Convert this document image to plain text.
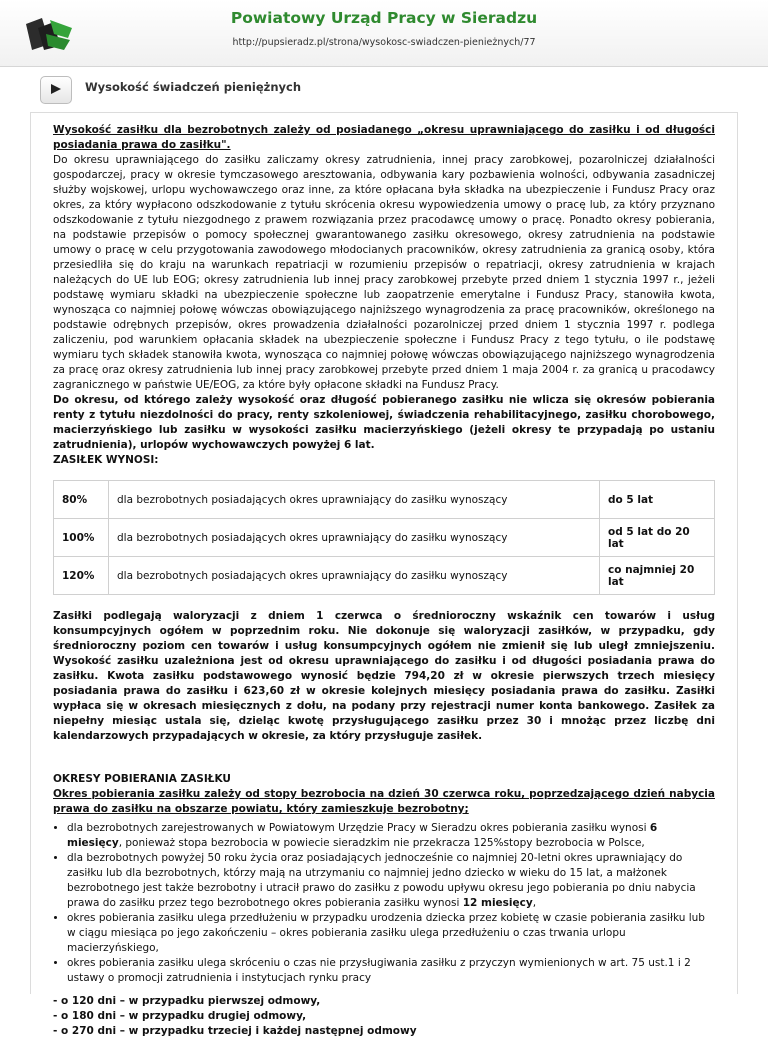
Powiatowy Urząd Pracy w Sieradzu
http://pupsieradz.pl/strona/wysokosc-swiadczen-pienieżnych/77
Wysokość świadczeń pieniężnych

Wysokość zasiłku dla bezrobotnych zależy od posiadanego „okresu uprawniającego do zasiłku i od długości posiadania prawa do zasiłku".

Do okresu uprawniającego do zasiłku zaliczamy okresy zatrudnienia, innej pracy zarobkowej, pozarolniczej działalności gospodarczej, pracy w okresie tymczasowego aresztowania, odbywania kary pozbawienia wolności, odbywania zasadniczej służby wojskowej, urlopu wychowawczego oraz inne, za które opłacana była składka na ubezpieczenie i Fundusz Pracy oraz okres, za który wypłacono odszkodowanie z tytułu skrócenia okresu wypowiedzenia umowy o pracę lub, za który przyznano odszkodowanie z tytułu niezgodnego z prawem rozwiązania przez pracodawcę umowy o pracę. Ponadto okresy pobierania, na podstawie przepisów o pomocy społecznej gwarantowanego zasiłku okresowego, okresy zatrudnienia na podstawie umowy o pracę w celu przygotowania zawodowego młodocianych pracowników, okresy zatrudnienia za granicą osoby, która przesiedliła się do kraju na warunkach repatriacji w rozumieniu przepisów o repatriacji, okresy zatrudnienia w krajach należących do UE lub EOG; okresy zatrudnienia lub innej pracy zarobkowej przebyte przed dniem 1 stycznia 1997 r., jeżeli podstawę wymiaru składki na ubezpieczenie społeczne lub zaopatrzenie emerytalne i Fundusz Pracy, stanowiła kwota, wynosząca co najmniej połowę wówczas obowiązującego najniższego wynagrodzenia za pracę pracowników, określonego na podstawie odrębnych przepisów, okres prowadzenia działalności pozarolniczej przed dniem 1 stycznia 1997 r. podlega zaliczeniu, pod warunkiem opłacania składek na ubezpieczenie społeczne i Fundusz Pracy z tego tytułu, o ile podstawę wymiaru tych składek stanowiła kwota, wynosząca co najmniej połowę wówczas obowiązującego najniższego wynagrodzenia za pracę oraz okresy zatrudnienia lub innej pracy zarobkowej przebyte przed dniem 1 maja 2004 r. za granicą u pracodawcy zagranicznego w państwie UE/EOG, za które były opłacone składki na Fundusz Pracy.

Do okresu, od którego zależy wysokość oraz długość pobieranego zasiłku nie wlicza się okresów pobierania renty z tytułu niezdolności do pracy, renty szkoleniowej, świadczenia rehabilitacyjnego, zasiłku chorobowego, macierzyńskiego lub zasiłku w wysokości zasiłku macierzyńskiego (jeżeli okresy te przypadają po ustaniu zatrudnienia), urlopów wychowawczych powyżej 6 lat.

ZASIŁEK WYNOSI:

80%	dla bezrobotnych posiadających okres uprawniający do zasiłku wynoszący	do 5 lat
100%	dla bezrobotnych posiadających okres uprawniający do zasiłku wynoszący	od 5 lat do 20 lat
120%	dla bezrobotnych posiadających okres uprawniający do zasiłku wynoszący	co najmniej 20 lat

Zasiłki podlegają waloryzacji z dniem 1 czerwca o średnioroczny wskaźnik cen towarów i usług konsumpcyjnych ogółem w poprzednim roku. Nie dokonuje się waloryzacji zasiłków, w przypadku, gdy średnioroczny poziom cen towarów i usług konsumpcyjnych ogółem nie zmienił się lub uległ zmniejszeniu. Wysokość zasiłku uzależniona jest od okresu uprawniającego do zasiłku i od długości posiadania prawa do zasiłku. Kwota zasiłku podstawowego wynosić będzie 794,20 zł w okresie pierwszych trzech miesięcy posiadania prawa do zasiłku i 623,60 zł w okresie kolejnych miesięcy posiadania prawa do zasiłku. Zasiłki wypłaca się w okresach miesięcznych z dołu, na podany przy rejestracji numer konta bankowego. Zasiłek za niepełny miesiąc ustala się, dzieląc kwotę przysługującego zasiłku przez 30 i mnożąc przez liczbę dni kalendarzowych przypadających w okresie, za który przysługuje zasiłek.

OKRESY POBIERANIA ZASIŁKU

Okres pobierania zasiłku zależy od stopy bezrobocia na dzień 30 czerwca roku, poprzedzającego dzień nabycia prawa do zasiłku na obszarze powiatu, który zamieszkuje bezrobotny;

• dla bezrobotnych zarejestrowanych w Powiatowym Urzędzie Pracy w Sieradzu okres pobierania zasiłku wynosi 6 miesięcy, ponieważ stopa bezrobocia w powiecie sieradzkim nie przekracza 125%stopy bezrobocia w Polsce,
• dla bezrobotnych powyżej 50 roku życia oraz posiadających jednocześnie co najmniej 20-letni okres uprawniający do zasiłku lub dla bezrobotnych, którzy mają na utrzymaniu co najmniej jedno dziecko w wieku do 15 lat, a małżonek bezrobotnego jest także bezrobotny i utracił prawo do zasiłku z powodu upływu okresu jego pobierania po dniu nabycia prawa do zasiłku przez tego bezrobotnego okres pobierania zasiłku wynosi 12 miesięcy,
• okres pobierania zasiłku ulega przedłużeniu w przypadku urodzenia dziecka przez kobietę w czasie pobierania zasiłku lub w ciągu miesiąca po jego zakończeniu – okres pobierania zasiłku ulega przedłużeniu o czas trwania urlopu macierzyńskiego,
• okres pobierania zasiłku ulega skróceniu o czas nie przysługiwania zasiłku z przyczyn wymienionych w art. 75 ust.1 i 2 ustawy o promocji zatrudnienia i instytucjach rynku pracy

- o 120 dni – w przypadku pierwszej odmowy,

- o 180 dni – w przypadku drugiej odmowy,

- o 270 dni – w przypadku trzeciej i każdej następnej odmowy
